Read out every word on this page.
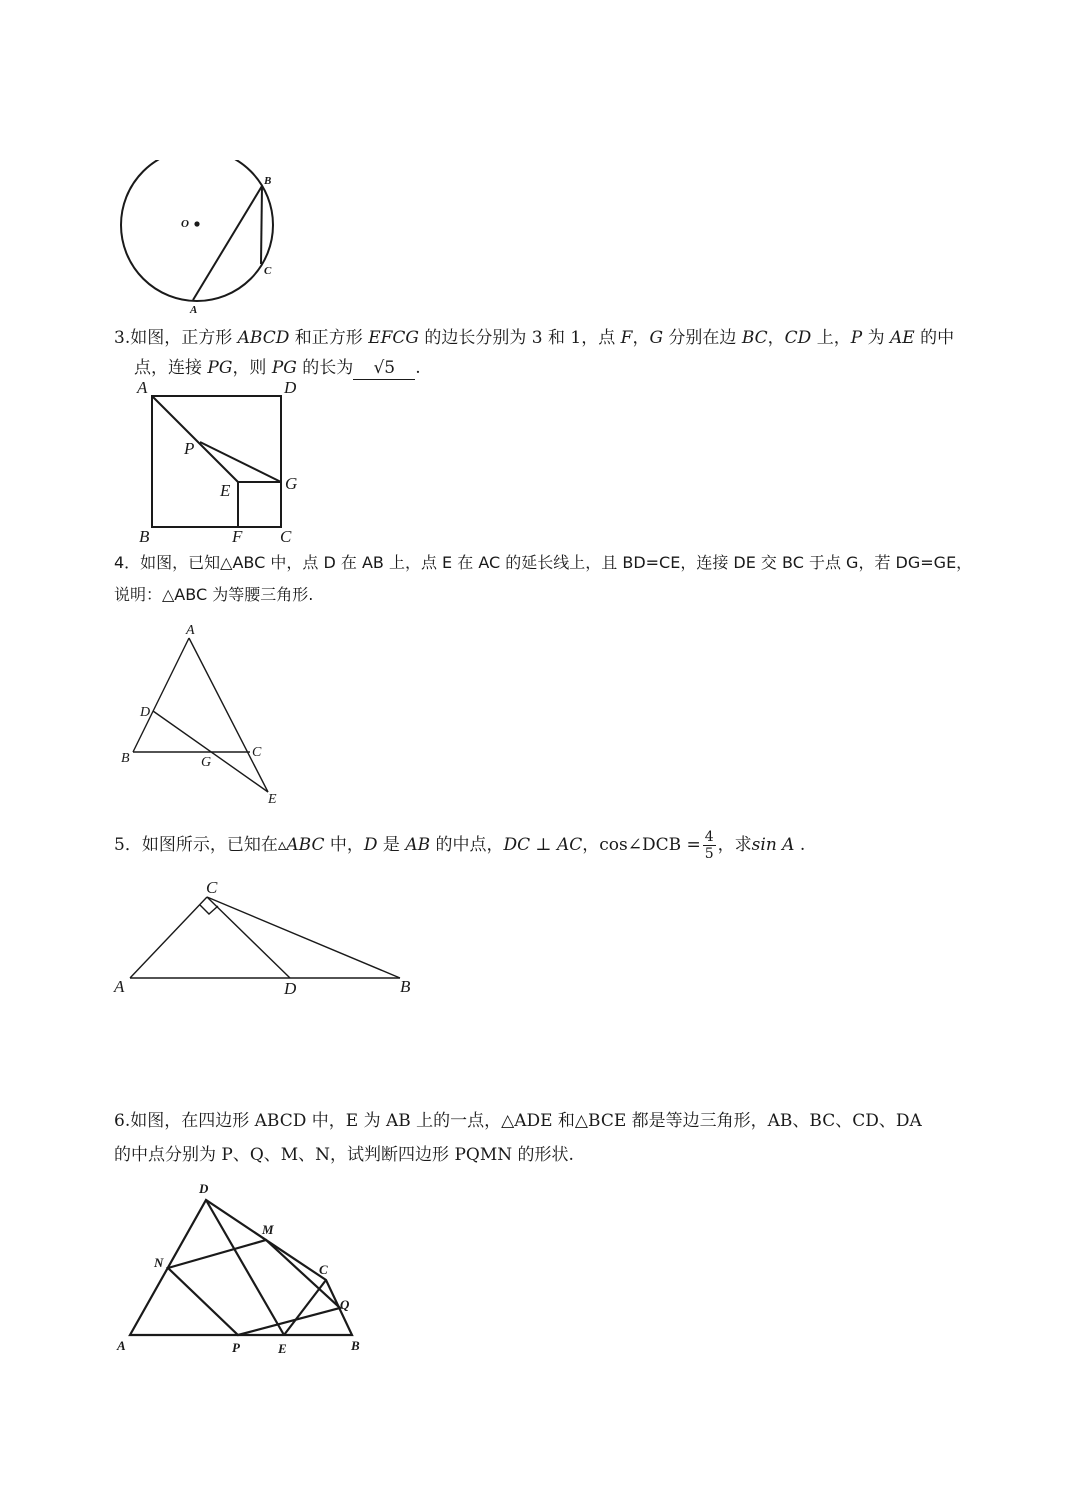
O
B
C
A
3.如图，正方形 ABCD 和正方形 EFCG 的边长分别为 3 和 1，点 F，G 分别在边 BC，CD 上，P 为 AE 的中
点，连接 PG，则 PG 的长为 √5 .
A	D
P
E	G
B	F C
4．如图，已知△ABC 中，点 D 在 AB 上，点 E 在 AC 的延长线上，且 BD=CE，连接 DE 交 BC 于点 G，若 DG=GE，
说明：△ABC 为等腰三角形.
A
D
B	C
G
E
5．如图所示，已知在▵ABC 中，D 是 AB 的中点，DC ⊥ AC，cos∠DCB = $\frac{4}{5}$ ，求sin A .
C
A	D	B
6.如图，在四边形 ABCD 中，E 为 AB 上的一点，△ADE 和△BCE 都是等边三角形，AB、BC、CD、DA
的中点分别为 P、Q、M、N，试判断四边形 PQMN 的形状.
D
M
N	C
Q
A	P	E	B
